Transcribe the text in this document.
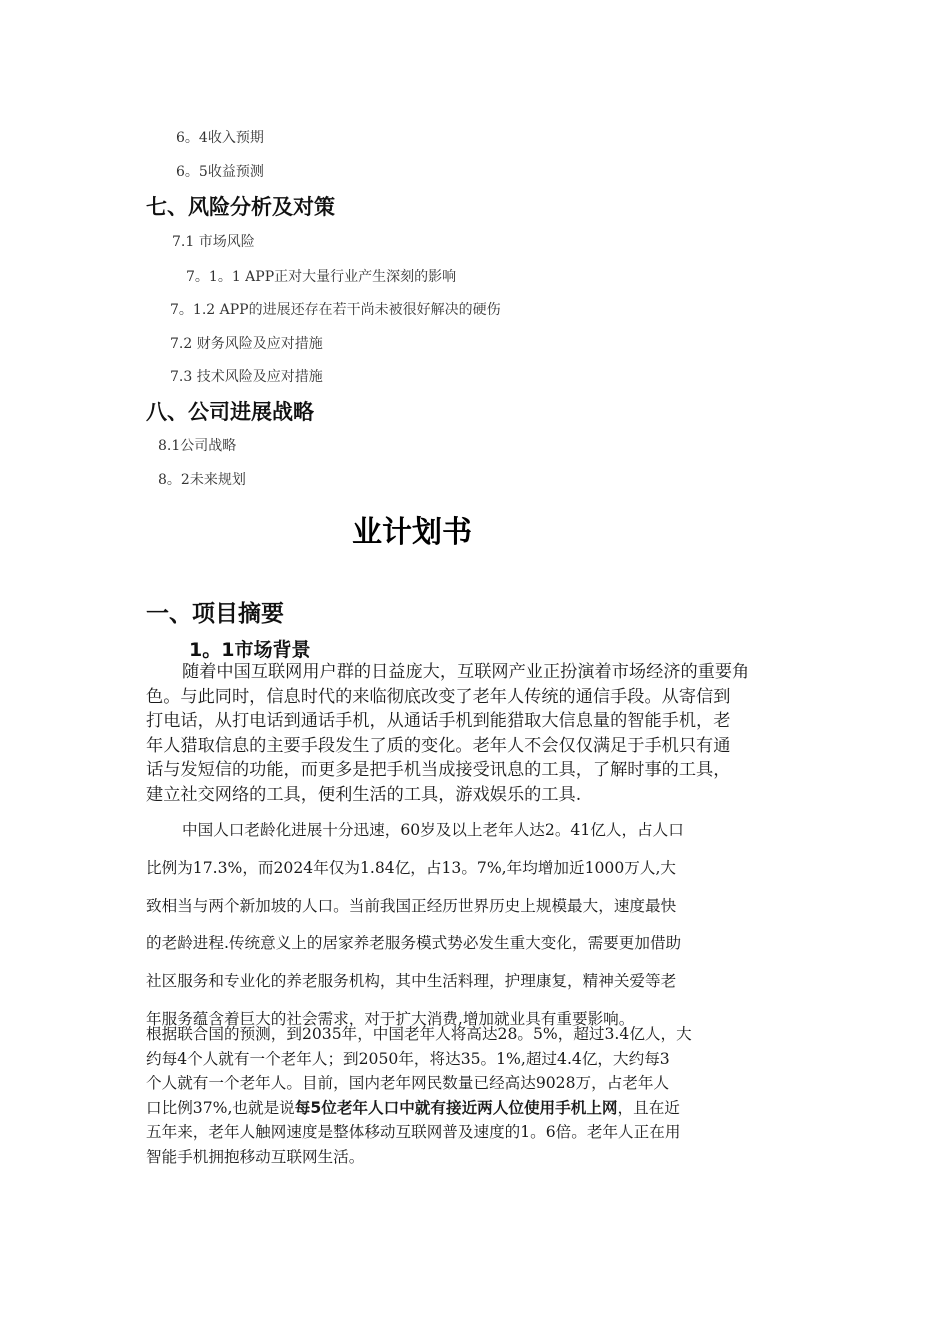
6。4收入预期
6。5收益预测
七、风险分析及对策
7.1 市场风险
7。1。1 APP正对大量行业产生深刻的影响
7。1.2 APP的进展还存在若干尚未被很好解决的硬伤
7.2 财务风险及应对措施
7.3 技术风险及应对措施
八、公司进展战略
8.1公司战略
8。2未来规划
业计划书
一、项目摘要
1。1市场背景
随着中国互联网用户群的日益庞大，互联网产业正扮演着市场经济的重要角
色。与此同时，信息时代的来临彻底改变了老年人传统的通信手段。从寄信到
打电话，从打电话到通话手机，从通话手机到能猎取大信息量的智能手机，老
年人猎取信息的主要手段发生了质的变化。老年人不会仅仅满足于手机只有通
话与发短信的功能，而更多是把手机当成接受讯息的工具，了解时事的工具，
建立社交网络的工具，便利生活的工具，游戏娱乐的工具.
中国人口老龄化进展十分迅速，60岁及以上老年人达2。41亿人，占人口
比例为17.3%，而2024年仅为1.84亿，占13。7%,年均增加近1000万人,大
致相当与两个新加坡的人口。当前我国正经历世界历史上规模最大，速度最快
的老龄进程.传统意义上的居家养老服务模式势必发生重大变化，需要更加借助
社区服务和专业化的养老服务机构，其中生活料理，护理康复，精神关爱等老
年服务蕴含着巨大的社会需求，对于扩大消费,增加就业具有重要影响。
根据联合国的预测，到2035年，中国老年人将高达28。5%，超过3.4亿人，大
约每4个人就有一个老年人；到2050年，将达35。1%,超过4.4亿，大约每3
个人就有一个老年人。目前，国内老年网民数量已经高达9028万，占老年人
口比例37%,也就是说每5位老年人口中就有接近两人位使用手机上网，且在近
五年来，老年人触网速度是整体移动互联网普及速度的1。6倍。老年人正在用
智能手机拥抱移动互联网生活。
